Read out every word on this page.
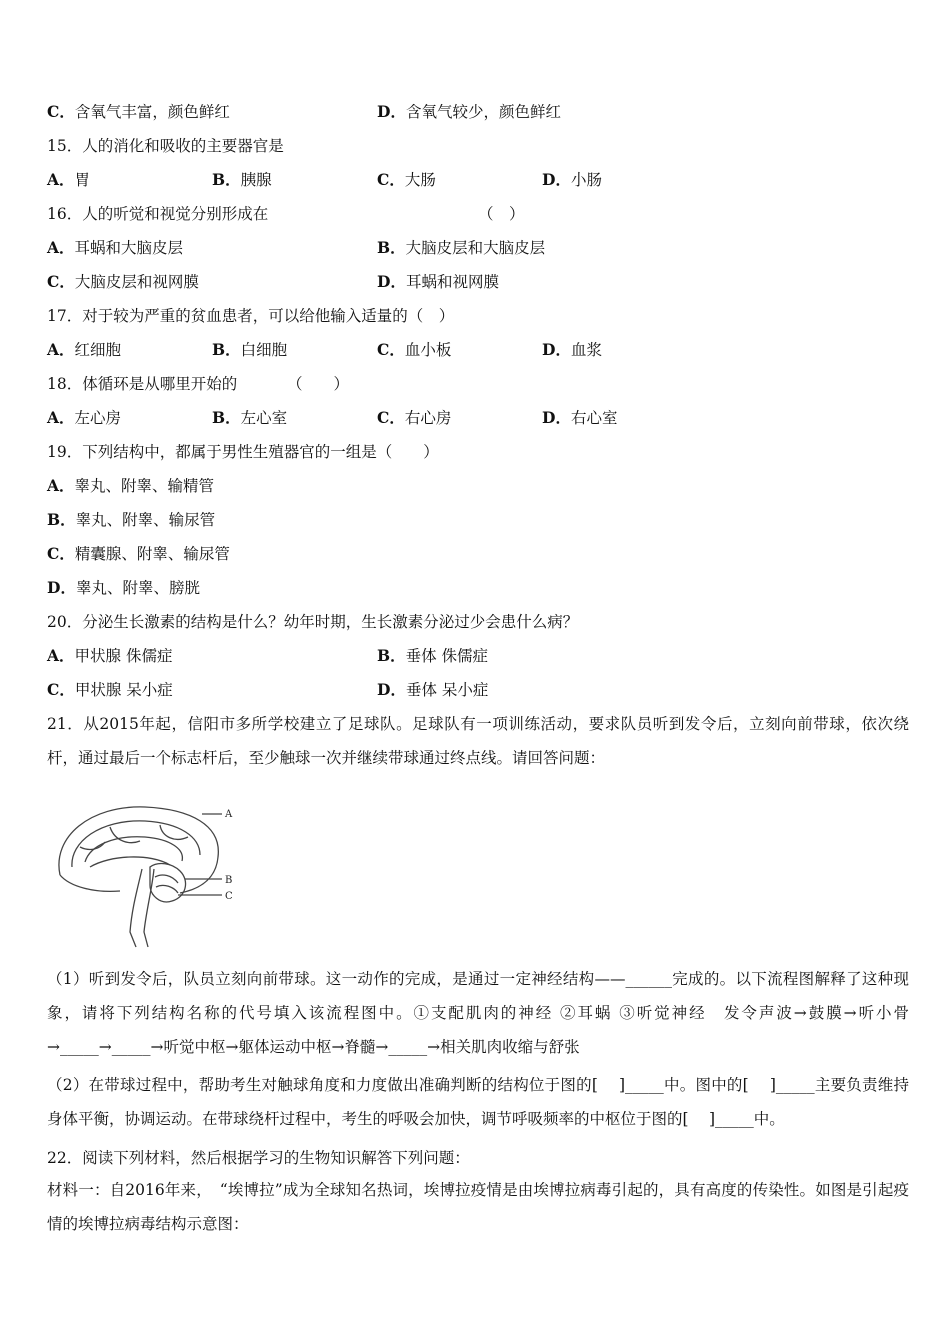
C．含氧气丰富，颜色鲜红	D．含氧气较少，颜色鲜红
15．人的消化和吸收的主要器官是
A．胃	B．胰腺	C．大肠	D．小肠
16．人的听觉和视觉分别形成在	（　）
A．耳蜗和大脑皮层	B．大脑皮层和大脑皮层
C．大脑皮层和视网膜	D．耳蜗和视网膜
17．对于较为严重的贫血患者，可以给他输入适量的（　）
A．红细胞	B．白细胞	C．血小板	D．血浆
18．体循环是从哪里开始的	（　　）
A．左心房	B．左心室	C．右心房	D．右心室
19．下列结构中，都属于男性生殖器官的一组是（　　）
A．睾丸、附睾、输精管
B．睾丸、附睾、输尿管
C．精囊腺、附睾、输尿管
D．睾丸、附睾、膀胱
20．分泌生长激素的结构是什么？幼年时期，生长激素分泌过少会患什么病？
A．甲状腺 侏儒症	B．垂体 侏儒症
C．甲状腺 呆小症	D．垂体 呆小症
21．从2015年起，信阳市多所学校建立了足球队。足球队有一项训练活动，要求队员听到发令后，立刻向前带球，依次绕杆，通过最后一个标志杆后，至少触球一次并继续带球通过终点线。请回答问题：
A
B
C
（1）听到发令后，队员立刻向前带球。这一动作的完成，是通过一定神经结构——______完成的。以下流程图解释了这种现象，请将下列结构名称的代号填入该流程图中。①支配肌肉的神经 ②耳蜗 ③听觉神经　发令声波→鼓膜→听小骨→_____→_____→听觉中枢→躯体运动中枢→脊髓→_____→相关肌肉收缩与舒张
（2）在带球过程中，帮助考生对触球角度和力度做出准确判断的结构位于图的[　 ]_____中。图中的[　 ]_____主要负责维持身体平衡，协调运动。在带球绕杆过程中，考生的呼吸会加快，调节呼吸频率的中枢位于图的[　 ]_____中。
22．阅读下列材料，然后根据学习的生物知识解答下列问题：
材料一：自2016年来，　“埃博拉”成为全球知名热词，埃博拉疫情是由埃博拉病毒引起的，具有高度的传染性。如图是引起疫情的埃博拉病毒结构示意图：
